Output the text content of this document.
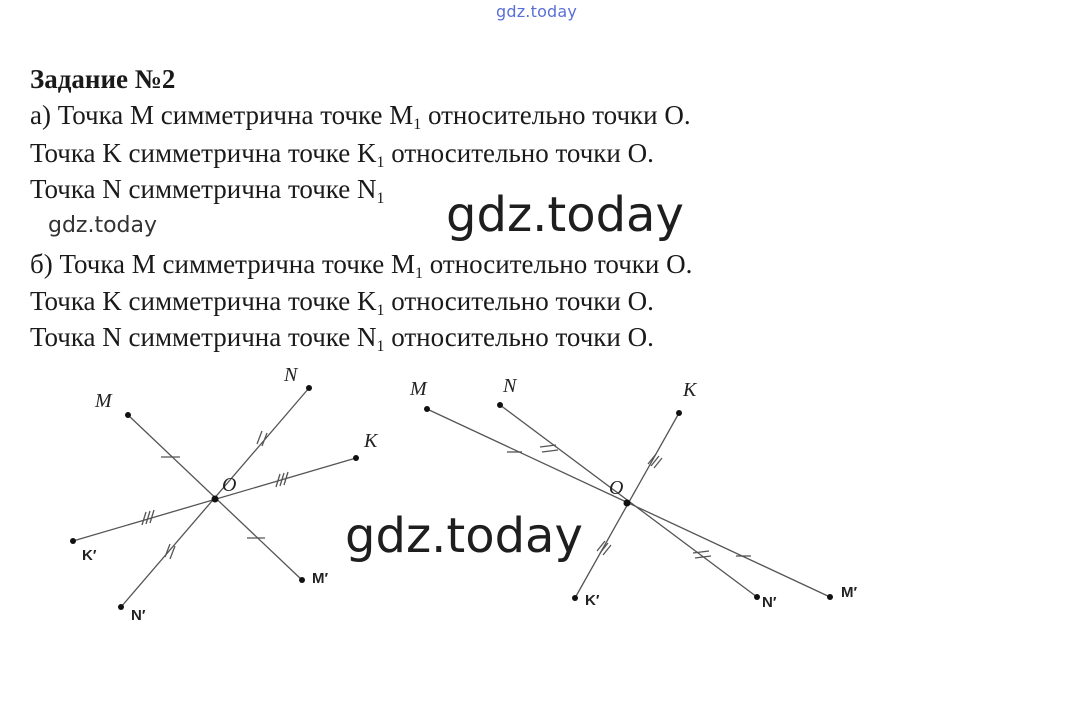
gdz.today
Задание №2
а) Точка M симметрична точке $M_1$ относительно точки O.
Точка K симметрична точке $K_1$ относительно точки O.
Точка N симметрична точке $N_1$
gdz.today
б) Точка M симметрична точке $M_1$ относительно точки O.
Точка K симметрична точке $K_1$ относительно точки O.
Точка N симметрична точке $N_1$ относительно точки O.
M
N
K
O
M′
N′
K′
M	N	K
O
M′
N′
K′
gdz.today
gdz.today
